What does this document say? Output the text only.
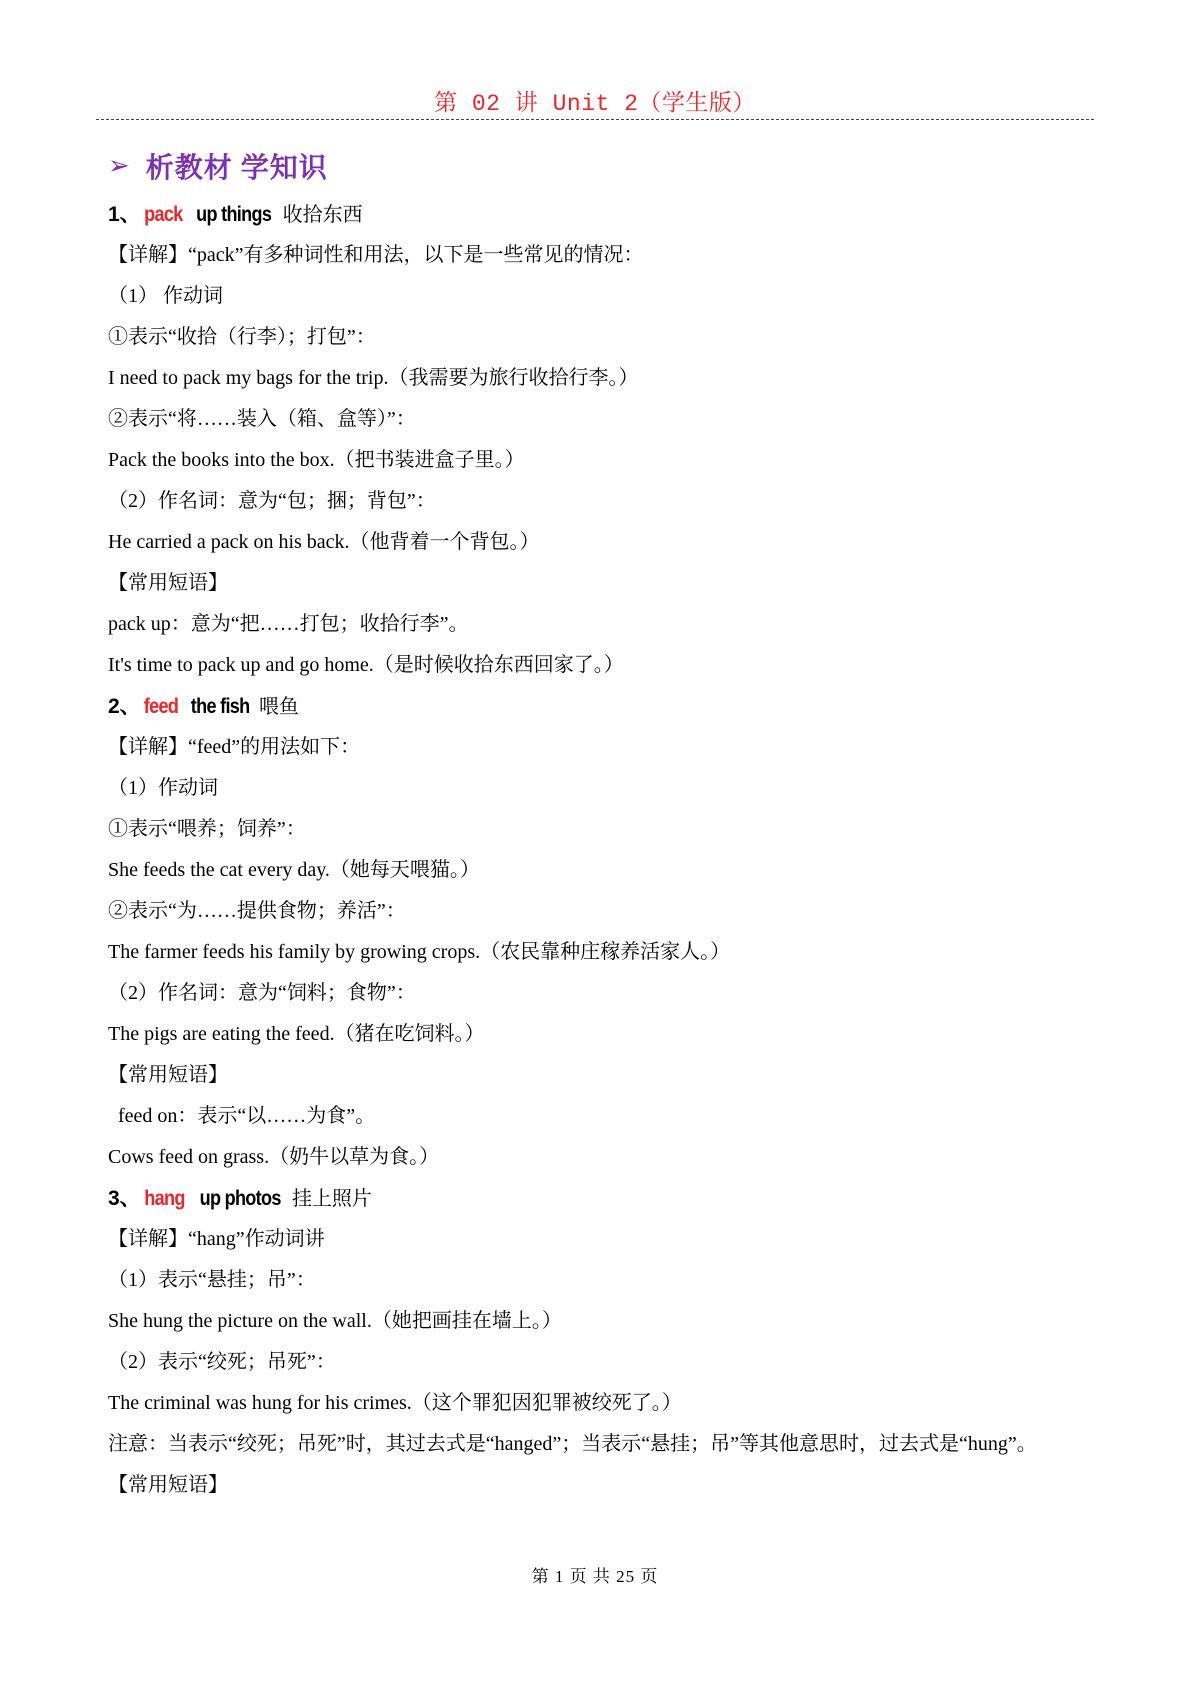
第 02 讲 Unit 2（学生版）
➢ 析教材 学知识
1、 pack up things 收拾东西
【详解】“pack”有多种词性和用法，以下是一些常见的情况：
（1） 作动词
①表示“收拾（行李）；打包”：
I need to pack my bags for the trip.（我需要为旅行收拾行李。）
②表示“将……装入（箱、盒等）”：
Pack the books into the box.（把书装进盒子里。）
（2）作名词：意为“包；捆；背包”：
He carried a pack on his back.（他背着一个背包。）
【常用短语】
pack up：意为“把……打包；收拾行李”。
It's time to pack up and go home.（是时候收拾东西回家了。）
2、 feed the fish 喂鱼
【详解】“feed”的用法如下：
（1）作动词
①表示“喂养；饲养”：
She feeds the cat every day.（她每天喂猫。）
②表示“为……提供食物；养活”：
The farmer feeds his family by growing crops.（农民靠种庄稼养活家人。）
（2）作名词：意为“饲料；食物”：
The pigs are eating the feed.（猪在吃饲料。）
【常用短语】
feed on：表示“以……为食”。
Cows feed on grass.（奶牛以草为食。）
3、 hang up photos 挂上照片
【详解】“hang”作动词讲
（1）表示“悬挂；吊”：
She hung the picture on the wall.（她把画挂在墙上。）
（2）表示“绞死；吊死”：
The criminal was hung for his crimes.（这个罪犯因犯罪被绞死了。）
注意：当表示“绞死；吊死”时，其过去式是“hanged”；当表示“悬挂；吊”等其他意思时，过去式是“hung”。
【常用短语】
第 1 页 共 25 页
